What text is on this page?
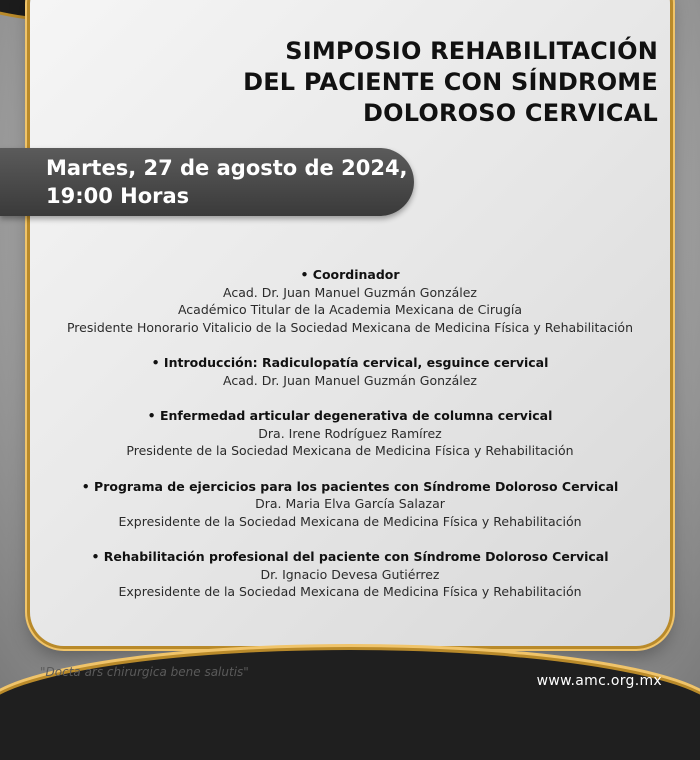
SIMPOSIO REHABILITACIÓN
DEL PACIENTE CON SÍNDROME
DOLOROSO CERVICAL
Martes, 27 de agosto de 2024,
19:00 Horas
• Coordinador
Acad. Dr. Juan Manuel Guzmán González
Académico Titular de la Academia Mexicana de Cirugía
Presidente Honorario Vitalicio de la Sociedad Mexicana de Medicina Física y Rehabilitación
• Introducción: Radiculopatía cervical, esguince cervical
Acad. Dr. Juan Manuel Guzmán González
• Enfermedad articular degenerativa de columna cervical
Dra. Irene Rodríguez Ramírez
Presidente de la Sociedad Mexicana de Medicina Física y Rehabilitación
• Programa de ejercicios para los pacientes con Síndrome Doloroso Cervical
Dra. Maria Elva García Salazar
Expresidente de la Sociedad Mexicana de Medicina Física y Rehabilitación
• Rehabilitación profesional del paciente con Síndrome Doloroso Cervical
Dr. Ignacio Devesa Gutiérrez
Expresidente de la Sociedad Mexicana de Medicina Física y Rehabilitación
"Docta ars chirurgica bene salutis"
www.amc.org.mx
